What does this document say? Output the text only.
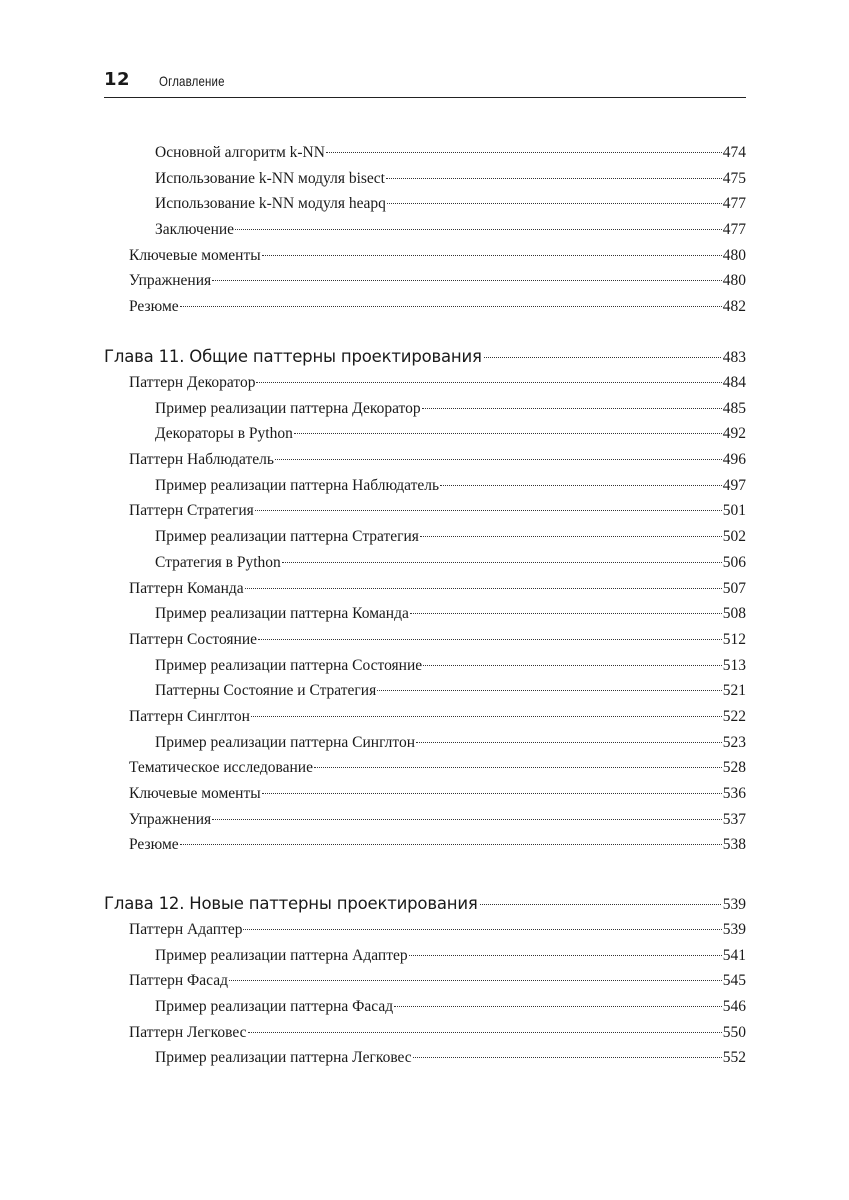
12 Оглавление
Основной алгоритм k-NN	474
Использование k-NN модуля bisect	475
Использование k-NN модуля heapq	477
Заключение	477
Ключевые моменты	480
Упражнения	480
Резюме	482
Глава 11. Общие паттерны проектирования	483
Паттерн Декоратор	484
Пример реализации паттерна Декоратор	485
Декораторы в Python	492
Паттерн Наблюдатель	496
Пример реализации паттерна Наблюдатель	497
Паттерн Стратегия	501
Пример реализации паттерна Стратегия	502
Стратегия в Python	506
Паттерн Команда	507
Пример реализации паттерна Команда	508
Паттерн Состояние	512
Пример реализации паттерна Состояние	513
Паттерны Состояние и Стратегия	521
Паттерн Синглтон	522
Пример реализации паттерна Синглтон	523
Тематическое исследование	528
Ключевые моменты	536
Упражнения	537
Резюме	538
Глава 12. Новые паттерны проектирования	539
Паттерн Адаптер	539
Пример реализации паттерна Адаптер	541
Паттерн Фасад	545
Пример реализации паттерна Фасад	546
Паттерн Легковес	550
Пример реализации паттерна Легковес	552
